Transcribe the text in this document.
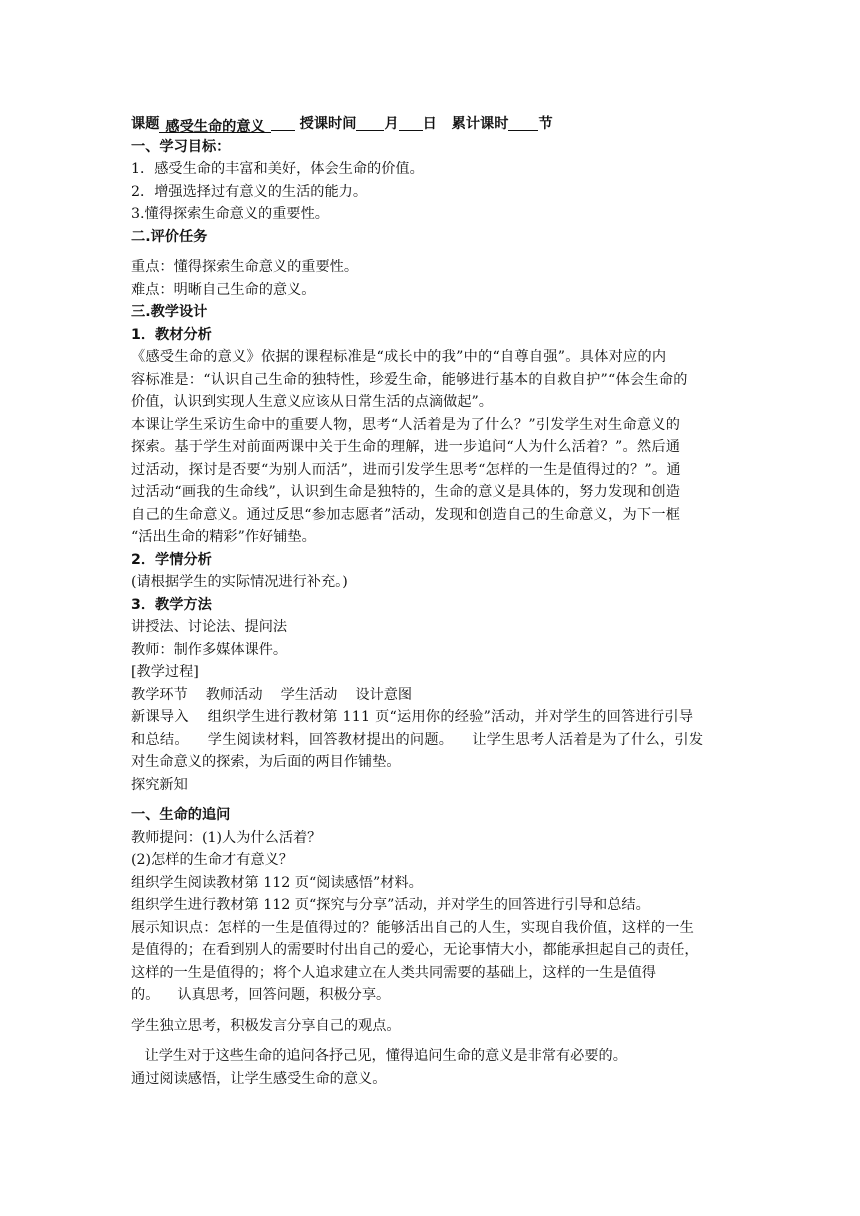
课题 感受生命的意义 授课时间 月 日 累计课时 节
一、学习目标：
1．感受生命的丰富和美好，体会生命的价值。
2．增强选择过有意义的生活的能力。
3.懂得探索生命意义的重要性。
二.评价任务
重点：懂得探索生命意义的重要性。
难点：明晰自己生命的意义。
三.教学设计
1．教材分析
《感受生命的意义》依据的课程标准是“成长中的我”中的“自尊自强”。具体对应的内
容标准是：“认识自己生命的独特性，珍爱生命，能够进行基本的自救自护”“体会生命的
价值，认识到实现人生意义应该从日常生活的点滴做起”。
本课让学生采访生命中的重要人物，思考“人活着是为了什么？”引发学生对生命意义的
探索。基于学生对前面两课中关于生命的理解，进一步追问“人为什么活着？”。然后通
过活动，探讨是否要“为别人而活”，进而引发学生思考“怎样的一生是值得过的？”。通
过活动“画我的生命线”，认识到生命是独特的，生命的意义是具体的，努力发现和创造
自己的生命意义。通过反思“参加志愿者”活动，发现和创造自己的生命意义，为下一框
“活出生命的精彩”作好铺垫。
2．学情分析
(请根据学生的实际情况进行补充。)
3．教学方法
讲授法、讨论法、提问法
教师：制作多媒体课件。
[教学过程]
教学环节    教师活动    学生活动    设计意图
新课导入    组织学生进行教材第 111 页“运用你的经验”活动，并对学生的回答进行引导
和总结。    学生阅读材料，回答教材提出的问题。    让学生思考人活着是为了什么，引发
对生命意义的探索，为后面的两目作铺垫。
探究新知
一、生命的追问
教师提问：(1)人为什么活着？
(2)怎样的生命才有意义？
组织学生阅读教材第 112 页“阅读感悟”材料。
组织学生进行教材第 112 页“探究与分享”活动，并对学生的回答进行引导和总结。
展示知识点：怎样的一生是值得过的？能够活出自己的人生，实现自我价值，这样的一生
是值得的；在看到别人的需要时付出自己的爱心，无论事情大小，都能承担起自己的责任，
这样的一生是值得的；将个人追求建立在人类共同需要的基础上，这样的一生是值得
的。    认真思考，回答问题，积极分享。
学生独立思考，积极发言分享自己的观点。
让学生对于这些生命的追问各抒己见，懂得追问生命的意义是非常有必要的。
通过阅读感悟，让学生感受生命的意义。
